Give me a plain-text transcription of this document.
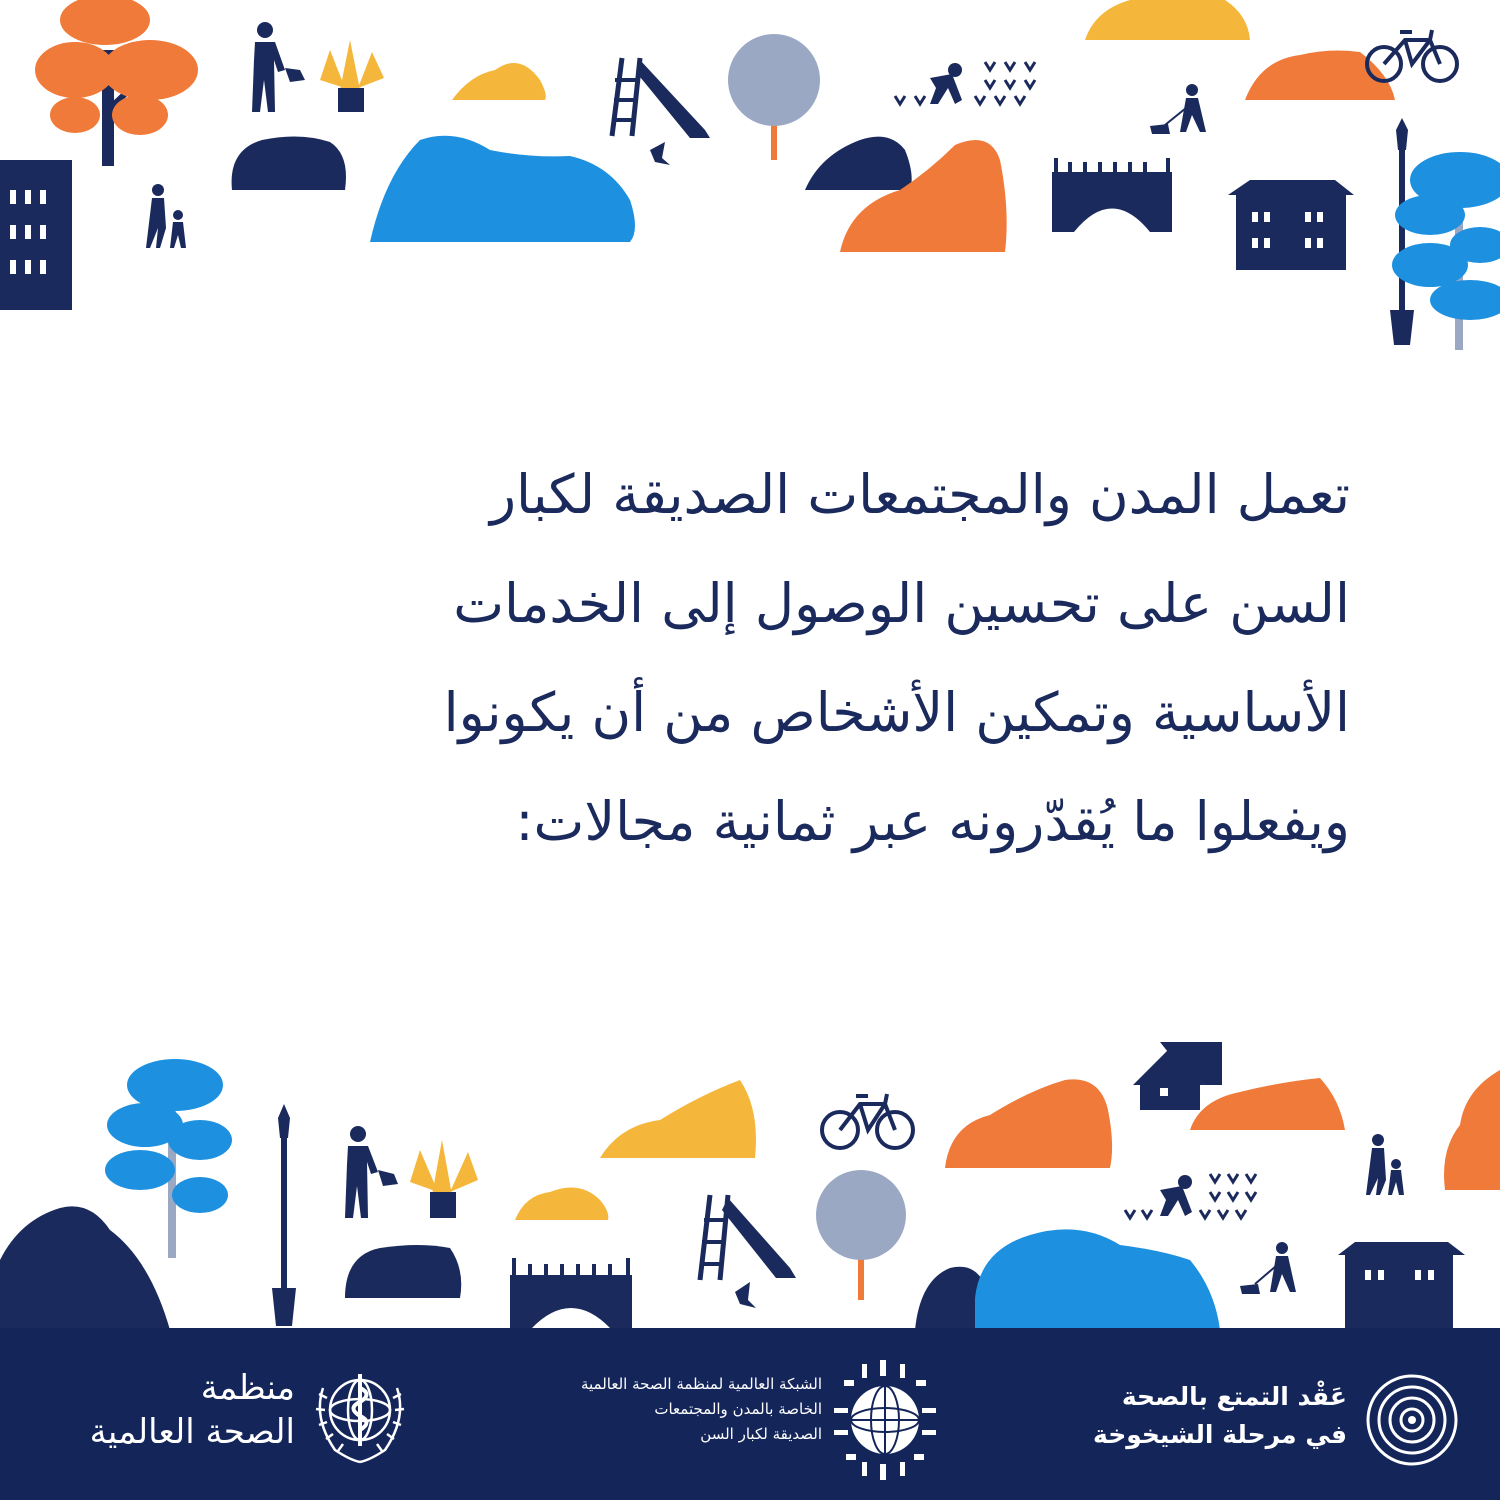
تعمل المدن والمجتمعات الصديقة لكبار
السن على تحسين الوصول إلى الخدمات
الأساسية وتمكين الأشخاص من أن يكونوا
ويفعلوا ما يُقدّرونه عبر ثمانية مجالات:
عَقْد التمتع بالصحة
في مرحلة الشيخوخة
الشبكة العالمية لمنظمة الصحة العالمية
الخاصة بالمدن والمجتمعات
الصديقة لكبار السن
منظمة
الصحة العالمية
